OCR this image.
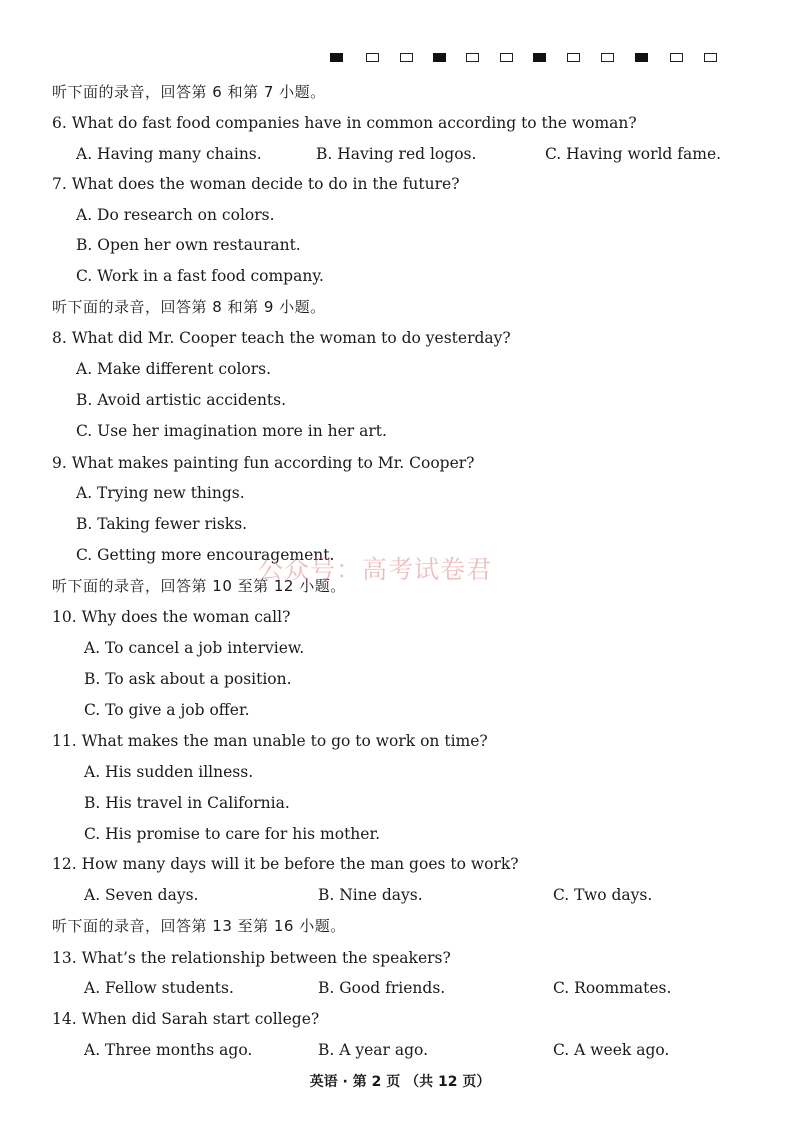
听下面的录音，回答第 6 和第 7 小题。
6. What do fast food companies have in common according to the woman?
A. Having many chains.	B. Having red logos.	C. Having world fame.
7. What does the woman decide to do in the future?
A. Do research on colors.
B. Open her own restaurant.
C. Work in a fast food company.
听下面的录音，回答第 8 和第 9 小题。
8. What did Mr. Cooper teach the woman to do yesterday?
A. Make different colors.
B. Avoid artistic accidents.
C. Use her imagination more in her art.
9. What makes painting fun according to Mr. Cooper?
A. Trying new things.
B. Taking fewer risks.
C. Getting more encouragement.
听下面的录音，回答第 10 至第 12 小题。
10. Why does the woman call?
A. To cancel a job interview.
B. To ask about a position.
C. To give a job offer.
11. What makes the man unable to go to work on time?
A. His sudden illness.
B. His travel in California.
C. His promise to care for his mother.
12. How many days will it be before the man goes to work?
A. Seven days.	B. Nine days.	C. Two days.
听下面的录音，回答第 13 至第 16 小题。
13. What’s the relationship between the speakers?
A. Fellow students.	B. Good friends.	C. Roommates.
14. When did Sarah start college?
A. Three months ago.	B. A year ago.	C. A week ago.
公众号：高考试卷君
英语 · 第 2 页 （共 12 页）
